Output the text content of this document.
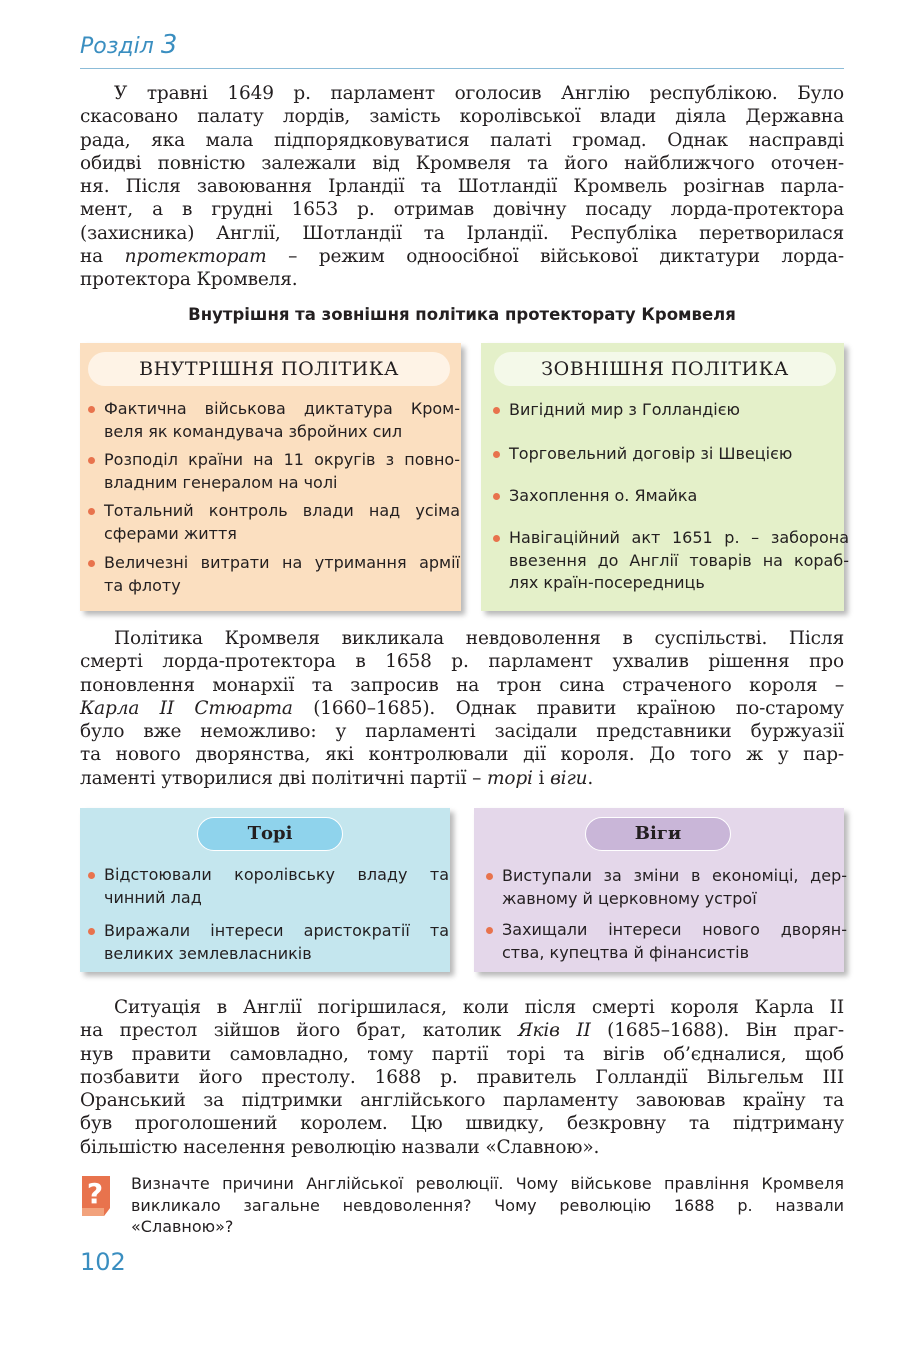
Розділ 3
У травні 1649 р. парламент оголосив Англію республікою. Було
скасовано палату лордів, замість королівської влади діяла Державна
рада, яка мала підпорядковуватися палаті громад. Однак насправді
обидві повністю залежали від Кромвеля та його найближчого оточен-
ня. Після завоювання Ірландії та Шотландії Кромвель розігнав парла-
мент, а в грудні 1653 р. отримав довічну посаду лорда-протектора
(захисника) Англії, Шотландії та Ірландії. Республіка перетворилася
на протекторат – режим одноосібної військової диктатури лорда-
протектора Кромвеля.
Внутрішня та зовнішня політика протекторату Кромвеля
ВНУТРІШНЯ ПОЛІТИКА
Фактична військова диктатура Кром-
веля як командувача збройних сил
Розподіл країни на 11 округів з повно-
владним генералом на чолі
Тотальний контроль влади над усіма
сферами життя
Величезні витрати на утримання армії
та флоту
ЗОВНІШНЯ ПОЛІТИКА
Вигідний мир з Голландією
Торговельний договір зі Швецією
Захоплення о. Ямайка
Навігаційний акт 1651 р. – заборона
ввезення до Англії товарів на кораб-
лях країн-посередниць
Політика Кромвеля викликала невдоволення в суспільстві. Після
смерті лорда-протектора в 1658 р. парламент ухвалив рішення про
поновлення монархії та запросив на трон сина страченого короля –
Карла II Стюарта (1660–1685). Однак правити країною по-старому
було вже неможливо: у парламенті засідали представники буржуазії
та нового дворянства, які контролювали дії короля. До того ж у пар-
ламенті утворилися дві політичні партії – торі і віги.
Торі
Відстоювали королівську владу та
чинний лад
Виражали інтереси аристократії та
великих землевласників
Віги
Виступали за зміни в економіці, дер-
жавному й церковному устрої
Захищали інтереси нового дворян-
ства, купецтва й фінансистів
Ситуація в Англії погіршилася, коли після смерті короля Карла II
на престол зійшов його брат, католик Яків II (1685–1688). Він праг-
нув правити самовладно, тому партії торі та вігів об’єдналися, щоб
позбавити його престолу. 1688 р. правитель Голландії Вільгельм III
Оранський за підтримки англійського парламенту завоював країну та
був проголошений королем. Цю швидку, безкровну та підтриману
більшістю населення революцію назвали «Славною».
? Визначте причини Англійської революції. Чому військове правління Кромвеля
викликало загальне невдоволення? Чому революцію 1688 р. назвали
«Славною»?
102
